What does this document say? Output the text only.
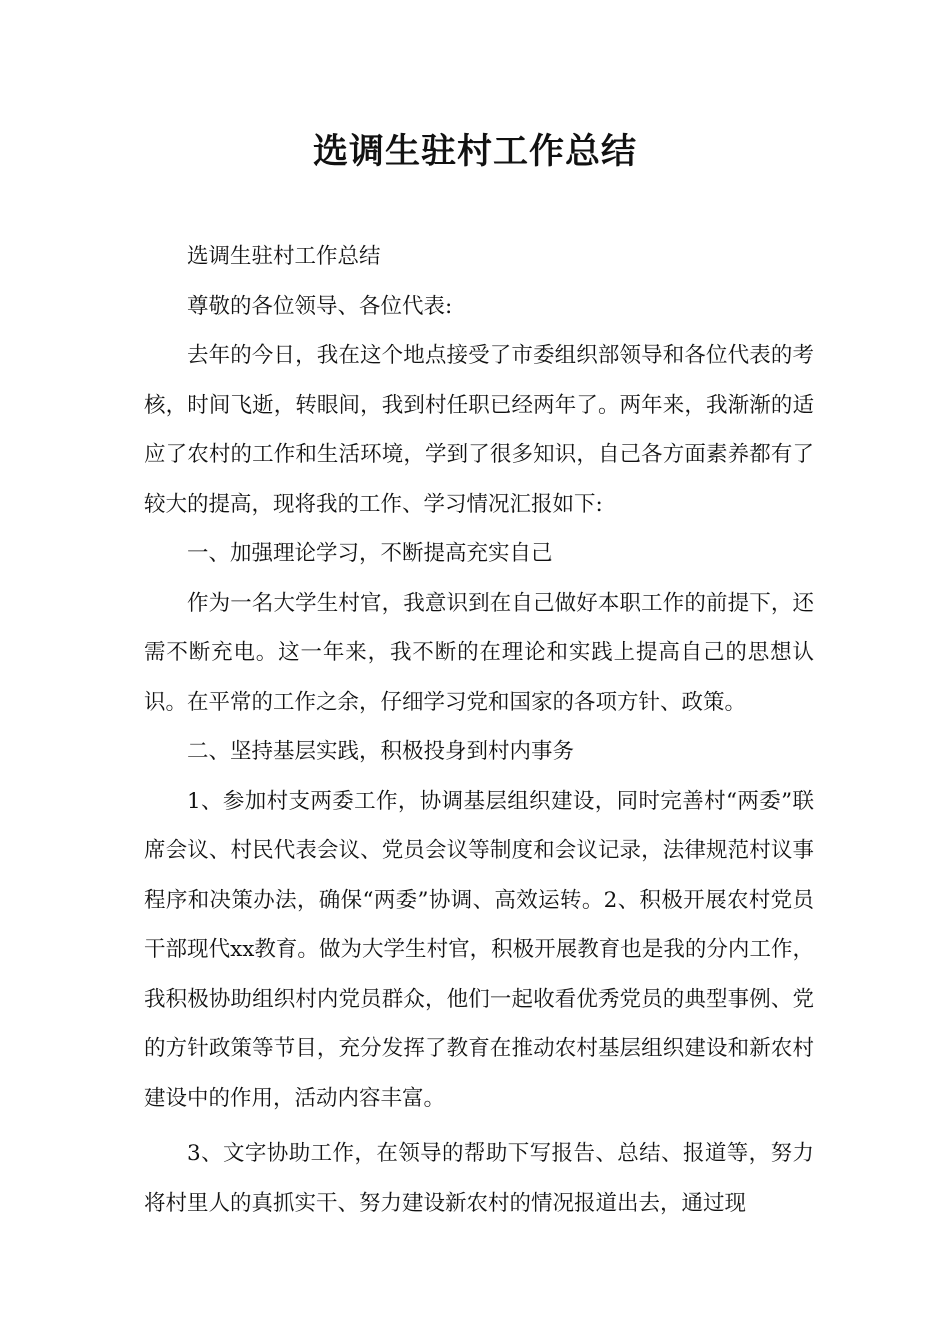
选调生驻村工作总结

选调生驻村工作总结

尊敬的各位领导、各位代表:

去年的今日，我在这个地点接受了市委组织部领导和各位代表的考核，时间飞逝，转眼间，我到村任职已经两年了。两年来，我渐渐的适应了农村的工作和生活环境，学到了很多知识，自己各方面素养都有了较大的提高，现将我的工作、学习情况汇报如下:

一、加强理论学习，不断提高充实自己

作为一名大学生村官，我意识到在自己做好本职工作的前提下，还需不断充电。这一年来，我不断的在理论和实践上提高自己的思想认识。在平常的工作之余，仔细学习党和国家的各项方针、政策。

二、坚持基层实践，积极投身到村内事务

1、参加村支两委工作，协调基层组织建设，同时完善村“两委”联席会议、村民代表会议、党员会议等制度和会议记录，法律规范村议事程序和决策办法，确保“两委”协调、高效运转。2、积极开展农村党员干部现代xx教育。做为大学生村官，积极开展教育也是我的分内工作，我积极协助组织村内党员群众，他们一起收看优秀党员的典型事例、党的方针政策等节目，充分发挥了教育在推动农村基层组织建设和新农村建设中的作用，活动内容丰富。

3、文字协助工作，在领导的帮助下写报告、总结、报道等，努力将村里人的真抓实干、努力建设新农村的情况报道出去，通过现
